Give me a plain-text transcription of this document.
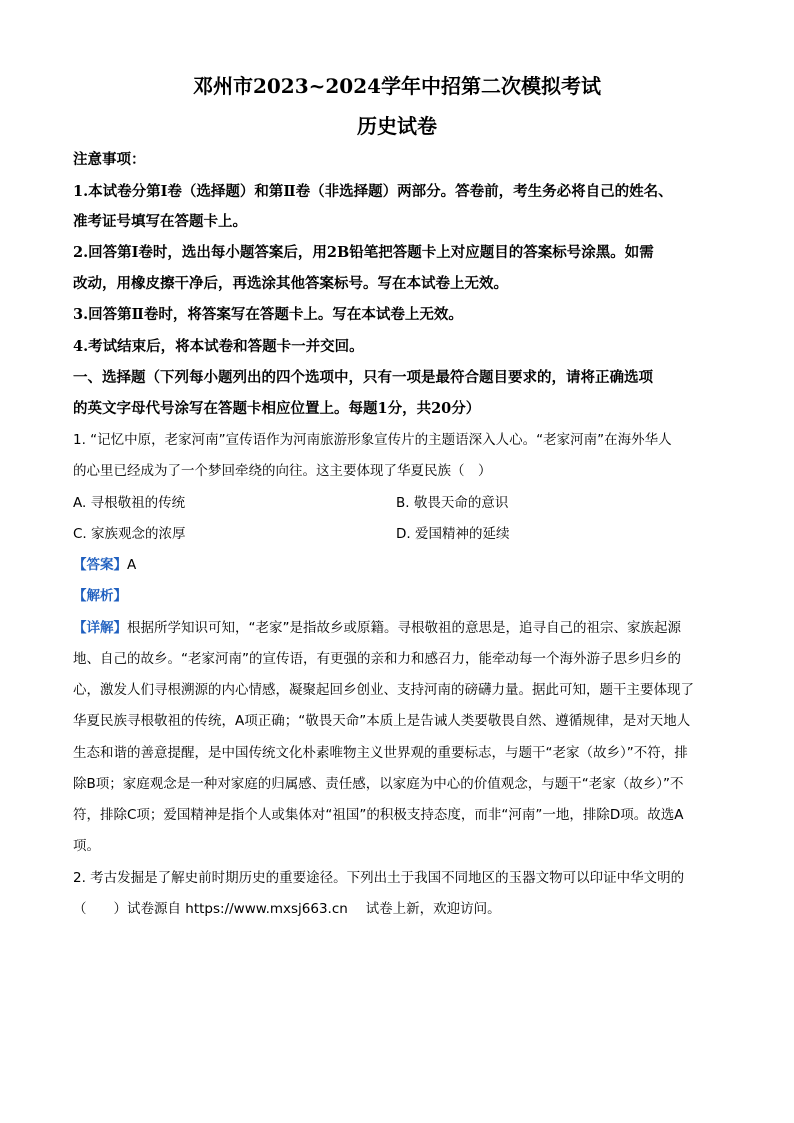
邓州市2023~2024学年中招第二次模拟考试
历史试卷
注意事项：
1.本试卷分第Ⅰ卷（选择题）和第Ⅱ卷（非选择题）两部分。答卷前，考生务必将自己的姓名、
准考证号填写在答题卡上。
2.回答第Ⅰ卷时，选出每小题答案后，用2B铅笔把答题卡上对应题目的答案标号涂黑。如需
改动，用橡皮擦干净后，再选涂其他答案标号。写在本试卷上无效。
3.回答第Ⅱ卷时，将答案写在答题卡上。写在本试卷上无效。
4.考试结束后，将本试卷和答题卡一并交回。
一、选择题（下列每小题列出的四个选项中，只有一项是最符合题目要求的，请将正确选项
的英文字母代号涂写在答题卡相应位置上。每题1分，共20分）
1. “记忆中原，老家河南”宣传语作为河南旅游形象宣传片的主题语深入人心。“老家河南”在海外华人
的心里已经成为了一个梦回牵绕的向往。这主要体现了华夏民族（　）
A. 寻根敬祖的传统	B. 敬畏天命的意识
C. 家族观念的浓厚	D. 爱国精神的延续
【答案】A
【解析】
【详解】根据所学知识可知，“老家”是指故乡或原籍。寻根敬祖的意思是，追寻自己的祖宗、家族起源
地、自己的故乡。“老家河南”的宣传语，有更强的亲和力和感召力，能牵动每一个海外游子思乡归乡的
心，激发人们寻根溯源的内心情感，凝聚起回乡创业、支持河南的磅礴力量。据此可知，题干主要体现了
华夏民族寻根敬祖的传统，A项正确；“敬畏天命”本质上是告诫人类要敬畏自然、遵循规律，是对天地人
生态和谐的善意提醒，是中国传统文化朴素唯物主义世界观的重要标志，与题干“老家（故乡）”不符，排
除B项；家庭观念是一种对家庭的归属感、责任感，以家庭为中心的价值观念，与题干“老家（故乡）”不
符，排除C项；爱国精神是指个人或集体对“祖国”的积极支持态度，而非“河南”一地，排除D项。故选A
项。
2. 考古发掘是了解史前时期历史的重要途径。下列出土于我国不同地区的玉器文物可以印证中华文明的
（　　）试卷源自 https://www.mxsj663.cn　 试卷上新，欢迎访问。
